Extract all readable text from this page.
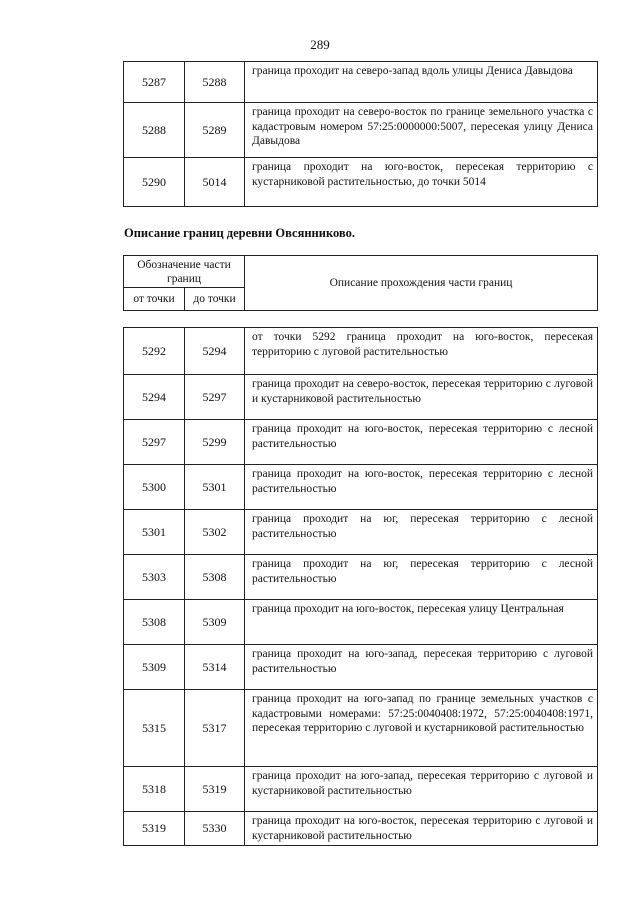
289
5287	5288	граница проходит на северо-запад вдоль улицы Дениса Давыдова
5288	5289	граница проходит на северо-восток по границе земельного участка с кадастровым номером 57:25:0000000:5007, пересекая улицу Дениса Давыдова
5290	5014	граница проходит на юго-восток, пересекая территорию с кустарниковой растительностью, до точки 5014
Описание границ деревни Овсянниково.
Обозначение части границ		Описание прохождения части границ
от точки	до точки	
5292	5294	от точки 5292 граница проходит на юго-восток, пересекая территорию с луговой растительностью
5294	5297	граница проходит на северо-восток, пересекая территорию с луговой и кустарниковой растительностью
5297	5299	граница проходит на юго-восток, пересекая территорию с лесной растительностью
5300	5301	граница проходит на юго-восток, пересекая территорию с лесной растительностью
5301	5302	граница проходит на юг, пересекая территорию с лесной растительностью
5303	5308	граница проходит на юг, пересекая территорию с лесной растительностью
5308	5309	граница проходит на юго-восток, пересекая улицу Центральная
5309	5314	граница проходит на юго-запад, пересекая территорию с луговой растительностью
5315	5317	граница проходит на юго-запад по границе земельных участков с кадастровыми номерами: 57:25:0040408:1972, 57:25:0040408:1971, пересекая территорию с луговой и кустарниковой растительностью
5318	5319	граница проходит на юго-запад, пересекая территорию с луговой и кустарниковой растительностью
5319	5330	граница проходит на юго-восток, пересекая территорию с луговой и кустарниковой растительностью
